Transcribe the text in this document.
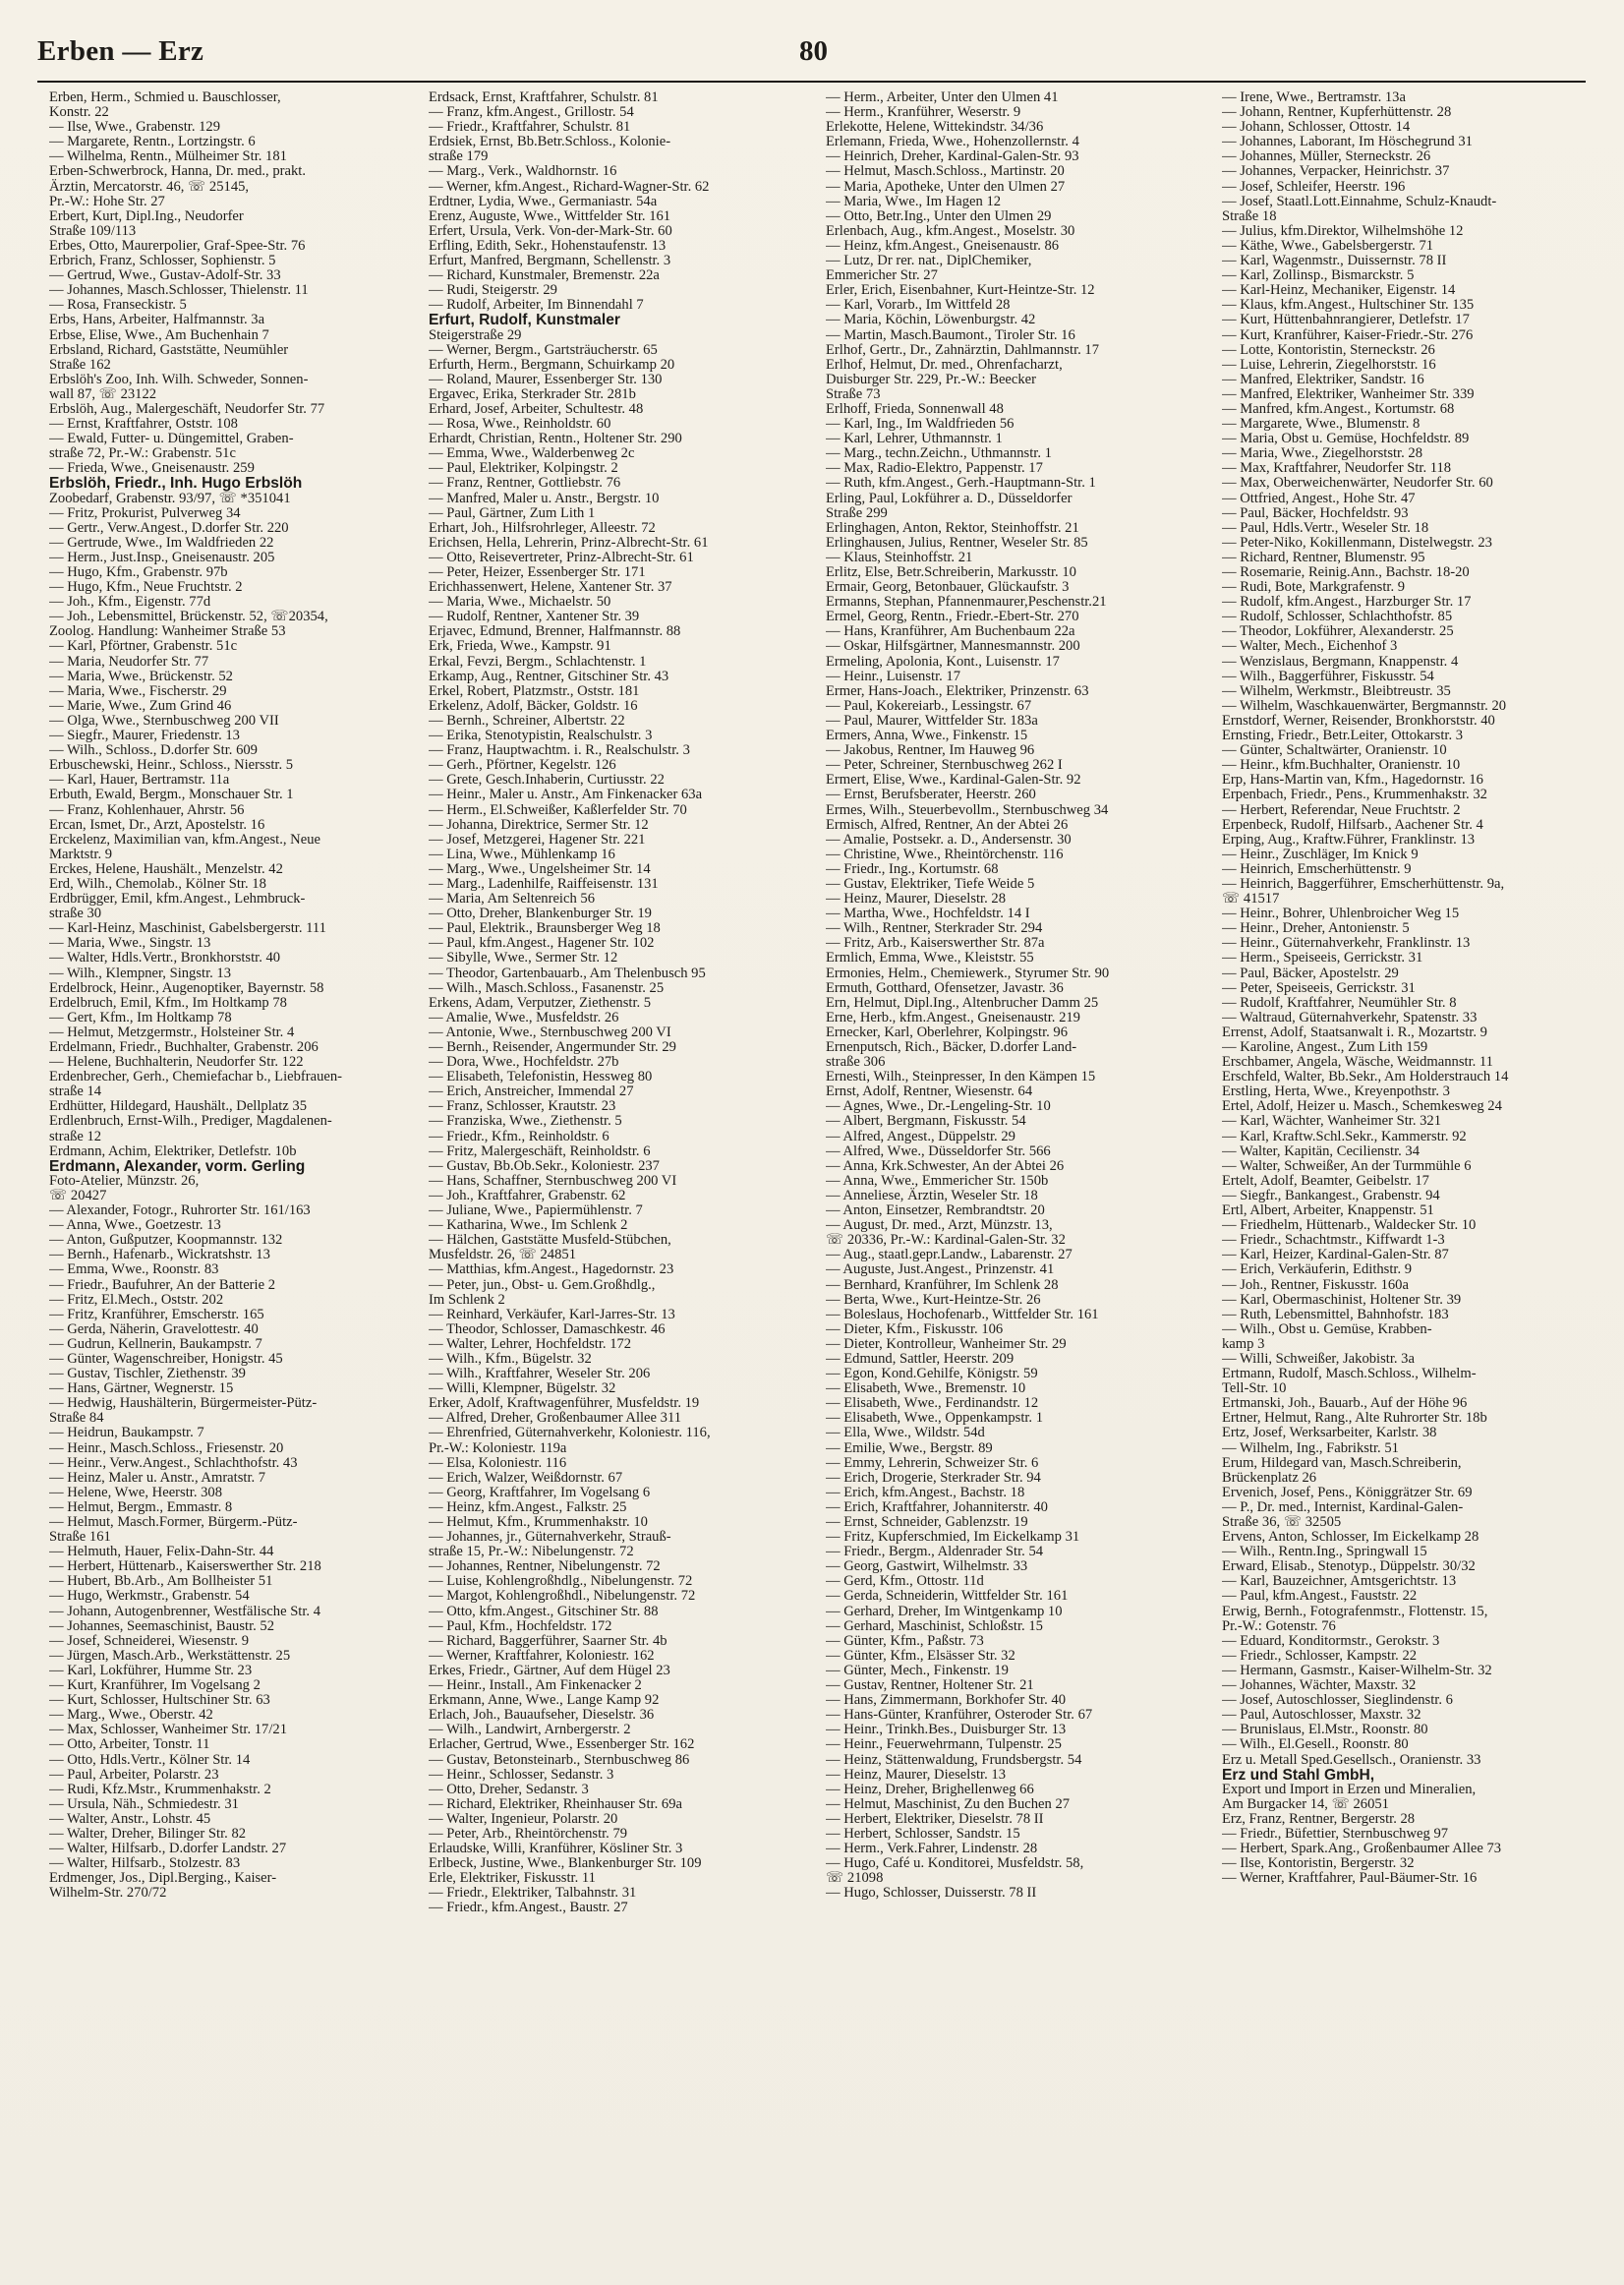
Erben — Erz	80
Erben, Herm., Schmied u. Bauschlosser,
Konstr. 22
— Ilse, Wwe., Grabenstr. 129
— Margarete, Rentn., Lortzingstr. 6
— Wilhelma, Rentn., Mülheimer Str. 181
Erben-Schwerbrock, Hanna, Dr. med., prakt.
Ärztin, Mercatorstr. 46, ☏ 25145,
Pr.-W.: Hohe Str. 27
Erbert, Kurt, Dipl.Ing., Neudorfer
Straße 109/113
Erbes, Otto, Maurerpolier, Graf-Spee-Str. 76
Erbrich, Franz, Schlosser, Sophienstr. 5
— Gertrud, Wwe., Gustav-Adolf-Str. 33
— Johannes, Masch.Schlosser, Thielenstr. 11
— Rosa, Franseckistr. 5
Erbs, Hans, Arbeiter, Halfmannstr. 3a
Erbse, Elise, Wwe., Am Buchenhain 7
Erbsland, Richard, Gaststätte, Neumühler
Straße 162
Erbslöh's Zoo, Inh. Wilh. Schweder, Sonnen-
wall 87, ☏ 23122
Erbslöh, Aug., Malergeschäft, Neudorfer Str. 77
— Ernst, Kraftfahrer, Oststr. 108
— Ewald, Futter- u. Düngemittel, Graben-
straße 72, Pr.-W.: Grabenstr. 51c
— Frieda, Wwe., Gneisenaustr. 259
Erbslöh, Friedr., Inh. Hugo Erbslöh
Zoobedarf, Grabenstr. 93/97, ☏ *351041
— Fritz, Prokurist, Pulverweg 34
— Gertr., Verw.Angest., D.dorfer Str. 220
— Gertrude, Wwe., Im Waldfrieden 22
— Herm., Just.Insp., Gneisenaustr. 205
— Hugo, Kfm., Grabenstr. 97b
— Hugo, Kfm., Neue Fruchtstr. 2
— Joh., Kfm., Eigenstr. 77d
— Joh., Lebensmittel, Brückenstr. 52, ☏20354,
Zoolog. Handlung: Wanheimer Straße 53
— Karl, Pförtner, Grabenstr. 51c
— Maria, Neudorfer Str. 77
— Maria, Wwe., Brückenstr. 52
— Maria, Wwe., Fischerstr. 29
— Marie, Wwe., Zum Grind 46
— Olga, Wwe., Sternbuschweg 200 VII
— Siegfr., Maurer, Friedenstr. 13
— Wilh., Schloss., D.dorfer Str. 609
Erbuschewski, Heinr., Schloss., Niersstr. 5
— Karl, Hauer, Bertramstr. 11a
Erbuth, Ewald, Bergm., Monschauer Str. 1
— Franz, Kohlenhauer, Ahrstr. 56
Ercan, Ismet, Dr., Arzt, Apostelstr. 16
Erckelenz, Maximilian van, kfm.Angest., Neue
Marktstr. 9
Erckes, Helene, Haushält., Menzelstr. 42
Erd, Wilh., Chemolab., Kölner Str. 18
Erdbrügger, Emil, kfm.Angest., Lehmbruck-
straße 30
— Karl-Heinz, Maschinist, Gabelsbergerstr. 111
— Maria, Wwe., Singstr. 13
— Walter, Hdls.Vertr., Bronkhorststr. 40
— Wilh., Klempner, Singstr. 13
Erdelbrock, Heinr., Augenoptiker, Bayernstr. 58
Erdelbruch, Emil, Kfm., Im Holtkamp 78
— Gert, Kfm., Im Holtkamp 78
— Helmut, Metzgermstr., Holsteiner Str. 4
Erdelmann, Friedr., Buchhalter, Grabenstr. 206
— Helene, Buchhalterin, Neudorfer Str. 122
Erdenbrecher, Gerh., Chemiefachar b., Liebfrauen-
straße 14
Erdhütter, Hildegard, Haushält., Dellplatz 35
Erdlenbruch, Ernst-Wilh., Prediger, Magdalenen-
straße 12
Erdmann, Achim, Elektriker, Detlefstr. 10b
Erdmann, Alexander, vorm. Gerling
Foto-Atelier, Münzstr. 26,
☏ 20427
— Alexander, Fotogr., Ruhrorter Str. 161/163
— Anna, Wwe., Goetzestr. 13
— Anton, Gußputzer, Koopmannstr. 132
— Bernh., Hafenarb., Wickratshstr. 13
— Emma, Wwe., Roonstr. 83
— Friedr., Baufuhrer, An der Batterie 2
— Fritz, El.Mech., Oststr. 202
— Fritz, Kranführer, Emscherstr. 165
— Gerda, Näherin, Gravelottestr. 40
— Gudrun, Kellnerin, Baukampstr. 7
— Günter, Wagenschreiber, Honigstr. 45
— Gustav, Tischler, Ziethenstr. 39
— Hans, Gärtner, Wegnerstr. 15
— Hedwig, Haushälterin, Bürgermeister-Pütz-
Straße 84
— Heidrun, Baukampstr. 7
— Heinr., Masch.Schloss., Friesenstr. 20
— Heinr., Verw.Angest., Schlachthofstr. 43
— Heinz, Maler u. Anstr., Amratstr. 7
— Helene, Wwe, Heerstr. 308
— Helmut, Bergm., Emmastr. 8
— Helmut, Masch.Former, Bürgerm.-Pütz-
Straße 161
— Helmuth, Hauer, Felix-Dahn-Str. 44
— Herbert, Hüttenarb., Kaiserswerther Str. 218
— Hubert, Bb.Arb., Am Bollheister 51
— Hugo, Werkmstr., Grabenstr. 54
— Johann, Autogenbrenner, Westfälische Str. 4
— Johannes, Seemaschinist, Baustr. 52
— Josef, Schneiderei, Wiesenstr. 9
— Jürgen, Masch.Arb., Werkstättenstr. 25
— Karl, Lokführer, Humme Str. 23
— Kurt, Kranführer, Im Vogelsang 2
— Kurt, Schlosser, Hultschiner Str. 63
— Marg., Wwe., Oberstr. 42
— Max, Schlosser, Wanheimer Str. 17/21
— Otto, Arbeiter, Tonstr. 11
— Otto, Hdls.Vertr., Kölner Str. 14
— Paul, Arbeiter, Polarstr. 23
— Rudi, Kfz.Mstr., Krummenhakstr. 2
— Ursula, Näh., Schmiedestr. 31
— Walter, Anstr., Lohstr. 45
— Walter, Dreher, Bilinger Str. 82
— Walter, Hilfsarb., D.dorfer Landstr. 27
— Walter, Hilfsarb., Stolzestr. 83
Erdmenger, Jos., Dipl.Berging., Kaiser-
Wilhelm-Str. 270/72
Erdsack, Ernst, Kraftfahrer, Schulstr. 81
— Franz, kfm.Angest., Grillostr. 54
— Friedr., Kraftfahrer, Schulstr. 81
Erdsiek, Ernst, Bb.Betr.Schloss., Kolonie-
straße 179
— Marg., Verk., Waldhornstr. 16
— Werner, kfm.Angest., Richard-Wagner-Str. 62
Erdtner, Lydia, Wwe., Germaniastr. 54a
Erenz, Auguste, Wwe., Wittfelder Str. 161
Erfert, Ursula, Verk. Von-der-Mark-Str. 60
Erfling, Edith, Sekr., Hohenstaufenstr. 13
Erfurt, Manfred, Bergmann, Schellenstr. 3
— Richard, Kunstmaler, Bremenstr. 22a
— Rudi, Steigerstr. 29
— Rudolf, Arbeiter, Im Binnendahl 7
Erfurt, Rudolf, Kunstmaler
Steigerstraße 29
— Werner, Bergm., Gartsträucherstr. 65
Erfurth, Herm., Bergmann, Schuirkamp 20
— Roland, Maurer, Essenberger Str. 130
Ergavec, Erika, Sterkrader Str. 281b
Erhard, Josef, Arbeiter, Schultestr. 48
— Rosa, Wwe., Reinholdstr. 60
Erhardt, Christian, Rentn., Holtener Str. 290
— Emma, Wwe., Walderbenweg 2c
— Paul, Elektriker, Kolpingstr. 2
— Franz, Rentner, Gottliebstr. 76
— Manfred, Maler u. Anstr., Bergstr. 10
— Paul, Gärtner, Zum Lith 1
Erhart, Joh., Hilfsrohrleger, Alleestr. 72
Erichsen, Hella, Lehrerin, Prinz-Albrecht-Str. 61
— Otto, Reisevertreter, Prinz-Albrecht-Str. 61
— Peter, Heizer, Essenberger Str. 171
Erichhassenwert, Helene, Xantener Str. 37
— Maria, Wwe., Michaelstr. 50
— Rudolf, Rentner, Xantener Str. 39
Erjavec, Edmund, Brenner, Halfmannstr. 88
Erk, Frieda, Wwe., Kampstr. 91
Erkal, Fevzi, Bergm., Schlachtenstr. 1
Erkamp, Aug., Rentner, Gitschiner Str. 43
Erkel, Robert, Platzmstr., Oststr. 181
Erkelenz, Adolf, Bäcker, Goldstr. 16
— Bernh., Schreiner, Albertstr. 22
— Erika, Stenotypistin, Realschulstr. 3
— Franz, Hauptwachtm. i. R., Realschulstr. 3
— Gerh., Pförtner, Kegelstr. 126
— Grete, Gesch.Inhaberin, Curtiusstr. 22
— Heinr., Maler u. Anstr., Am Finkenacker 63a
— Herm., El.Schweißer, Kaßlerfelder Str. 70
— Johanna, Direktrice, Sermer Str. 12
— Josef, Metzgerei, Hagener Str. 221
— Lina, Wwe., Mühlenkamp 16
— Marg., Wwe., Ungelsheimer Str. 14
— Marg., Ladenhilfe, Raiffeisenstr. 131
— Maria, Am Seltenreich 56
— Otto, Dreher, Blankenburger Str. 19
— Paul, Elektrik., Braunsberger Weg 18
— Paul, kfm.Angest., Hagener Str. 102
— Sibylle, Wwe., Sermer Str. 12
— Theodor, Gartenbauarb., Am Thelenbusch 95
— Wilh., Masch.Schloss., Fasanenstr. 25
Erkens, Adam, Verputzer, Ziethenstr. 5
— Amalie, Wwe., Musfeldstr. 26
— Antonie, Wwe., Sternbuschweg 200 VI
— Bernh., Reisender, Angermunder Str. 29
— Dora, Wwe., Hochfeldstr. 27b
— Elisabeth, Telefonistin, Hessweg 80
— Erich, Anstreicher, Immendal 27
— Franz, Schlosser, Krautstr. 23
— Franziska, Wwe., Ziethenstr. 5
— Friedr., Kfm., Reinholdstr. 6
— Fritz, Malergeschäft, Reinholdstr. 6
— Gustav, Bb.Ob.Sekr., Koloniestr. 237
— Hans, Schaffner, Sternbuschweg 200 VI
— Joh., Kraftfahrer, Grabenstr. 62
— Juliane, Wwe., Papiermühlenstr. 7
— Katharina, Wwe., Im Schlenk 2
— Hälchen, Gaststätte Musfeld-Stübchen,
Musfeldstr. 26, ☏ 24851
— Matthias, kfm.Angest., Hagedornstr. 23
— Peter, jun., Obst- u. Gem.Großhdlg.,
Im Schlenk 2
— Reinhard, Verkäufer, Karl-Jarres-Str. 13
— Theodor, Schlosser, Damaschkestr. 46
— Walter, Lehrer, Hochfeldstr. 172
— Wilh., Kfm., Bügelstr. 32
— Wilh., Kraftfahrer, Weseler Str. 206
— Willi, Klempner, Bügelstr. 32
Erker, Adolf, Kraftwagenführer, Musfeldstr. 19
— Alfred, Dreher, Großenbaumer Allee 311
— Ehrenfried, Güternahverkehr, Koloniestr. 116,
Pr.-W.: Koloniestr. 119a
— Elsa, Koloniestr. 116
— Erich, Walzer, Weißdornstr. 67
— Georg, Kraftfahrer, Im Vogelsang 6
— Heinz, kfm.Angest., Falkstr. 25
— Helmut, Kfm., Krummenhakstr. 10
— Johannes, jr., Güternahverkehr, Strauß-
straße 15, Pr.-W.: Nibelungenstr. 72
— Johannes, Rentner, Nibelungenstr. 72
— Luise, Kohlengroßhdlg., Nibelungenstr. 72
— Margot, Kohlengroßhdl., Nibelungenstr. 72
— Otto, kfm.Angest., Gitschiner Str. 88
— Paul, Kfm., Hochfeldstr. 172
— Richard, Baggerführer, Saarner Str. 4b
— Werner, Kraftfahrer, Koloniestr. 162
Erkes, Friedr., Gärtner, Auf dem Hügel 23
— Heinr., Install., Am Finkenacker 2
Erkmann, Anne, Wwe., Lange Kamp 92
Erlach, Joh., Bauaufseher, Dieselstr. 36
— Wilh., Landwirt, Arnbergerstr. 2
Erlacher, Gertrud, Wwe., Essenberger Str. 162
— Gustav, Betonsteinarb., Sternbuschweg 86
— Heinr., Schlosser, Sedanstr. 3
— Otto, Dreher, Sedanstr. 3
— Richard, Elektriker, Rheinhauser Str. 69a
— Walter, Ingenieur, Polarstr. 20
— Peter, Arb., Rheintörchenstr. 79
Erlaudske, Willi, Kranführer, Kösliner Str. 3
Erlbeck, Justine, Wwe., Blankenburger Str. 109
Erle, Elektriker, Fiskusstr. 11
— Friedr., Elektriker, Talbahnstr. 31
— Friedr., kfm.Angest., Baustr. 27
— Herm., Arbeiter, Unter den Ulmen 41
— Herm., Kranführer, Weserstr. 9
Erlekotte, Helene, Wittekindstr. 34/36
Erlemann, Frieda, Wwe., Hohenzollernstr. 4
— Heinrich, Dreher, Kardinal-Galen-Str. 93
— Helmut, Masch.Schloss., Martinstr. 20
— Maria, Apotheke, Unter den Ulmen 27
— Maria, Wwe., Im Hagen 12
— Otto, Betr.Ing., Unter den Ulmen 29
Erlenbach, Aug., kfm.Angest., Moselstr. 30
— Heinz, kfm.Angest., Gneisenaustr. 86
— Lutz, Dr rer. nat., DiplChemiker,
Emmericher Str. 27
Erler, Erich, Eisenbahner, Kurt-Heintze-Str. 12
— Karl, Vorarb., Im Wittfeld 28
— Maria, Köchin, Löwenburgstr. 42
— Martin, Masch.Baumont., Tiroler Str. 16
Erlhof, Gertr., Dr., Zahnärztin, Dahlmannstr. 17
Erlhof, Helmut, Dr. med., Ohrenfacharzt,
Duisburger Str. 229, Pr.-W.: Beecker
Straße 73
Erlhoff, Frieda, Sonnenwall 48
— Karl, Ing., Im Waldfrieden 56
— Karl, Lehrer, Uthmannstr. 1
— Marg., techn.Zeichn., Uthmannstr. 1
— Max, Radio-Elektro, Pappenstr. 17
— Ruth, kfm.Angest., Gerh.-Hauptmann-Str. 1
Erling, Paul, Lokführer a. D., Düsseldorfer
Straße 299
Erlinghagen, Anton, Rektor, Steinhoffstr. 21
Erlinghausen, Julius, Rentner, Weseler Str. 85
— Klaus, Steinhoffstr. 21
Erlitz, Else, Betr.Schreiberin, Markusstr. 10
Ermair, Georg, Betonbauer, Glückaufstr. 3
Ermanns, Stephan, Pfannenmaurer,Peschenstr.21
Ermel, Georg, Rentn., Friedr.-Ebert-Str. 270
— Hans, Kranführer, Am Buchenbaum 22a
— Oskar, Hilfsgärtner, Mannesmannstr. 200
Ermeling, Apolonia, Kont., Luisenstr. 17
— Heinr., Luisenstr. 17
Ermer, Hans-Joach., Elektriker, Prinzenstr. 63
— Paul, Kokereiarb., Lessingstr. 67
— Paul, Maurer, Wittfelder Str. 183a
Ermers, Anna, Wwe., Finkenstr. 15
— Jakobus, Rentner, Im Hauweg 96
— Peter, Schreiner, Sternbuschweg 262 I
Ermert, Elise, Wwe., Kardinal-Galen-Str. 92
— Ernst, Berufsberater, Heerstr. 260
Ermes, Wilh., Steuerbevollm., Sternbuschweg 34
Ermisch, Alfred, Rentner, An der Abtei 26
— Amalie, Postsekr. a. D., Andersenstr. 30
— Christine, Wwe., Rheintörchenstr. 116
— Friedr., Ing., Kortumstr. 68
— Gustav, Elektriker, Tiefe Weide 5
— Heinz, Maurer, Dieselstr. 28
— Martha, Wwe., Hochfeldstr. 14 I
— Wilh., Rentner, Sterkrader Str. 294
— Fritz, Arb., Kaiserswerther Str. 87a
Ermlich, Emma, Wwe., Kleiststr. 55
Ermonies, Helm., Chemiewerk., Styrumer Str. 90
Ermuth, Gotthard, Ofensetzer, Javastr. 36
Ern, Helmut, Dipl.Ing., Altenbrucher Damm 25
Erne, Herb., kfm.Angest., Gneisenaustr. 219
Ernecker, Karl, Oberlehrer, Kolpingstr. 96
Ernenputsch, Rich., Bäcker, D.dorfer Land-
straße 306
Ernesti, Wilh., Steinpresser, In den Kämpen 15
Ernst, Adolf, Rentner, Wiesenstr. 64
— Agnes, Wwe., Dr.-Lengeling-Str. 10
— Albert, Bergmann, Fiskusstr. 54
— Alfred, Angest., Düppelstr. 29
— Alfred, Wwe., Düsseldorfer Str. 566
— Anna, Krk.Schwester, An der Abtei 26
— Anna, Wwe., Emmericher Str. 150b
— Anneliese, Ärztin, Weseler Str. 18
— Anton, Einsetzer, Rembrandtstr. 20
— August, Dr. med., Arzt, Münzstr. 13,
☏ 20336, Pr.-W.: Kardinal-Galen-Str. 32
— Aug., staatl.gepr.Landw., Labarenstr. 27
— Auguste, Just.Angest., Prinzenstr. 41
— Bernhard, Kranführer, Im Schlenk 28
— Berta, Wwe., Kurt-Heintze-Str. 26
— Boleslaus, Hochofenarb., Wittfelder Str. 161
— Dieter, Kfm., Fiskusstr. 106
— Dieter, Kontrolleur, Wanheimer Str. 29
— Edmund, Sattler, Heerstr. 209
— Egon, Kond.Gehilfe, Königstr. 59
— Elisabeth, Wwe., Bremenstr. 10
— Elisabeth, Wwe., Ferdinandstr. 12
— Elisabeth, Wwe., Oppenkampstr. 1
— Ella, Wwe., Wildstr. 54d
— Emilie, Wwe., Bergstr. 89
— Emmy, Lehrerin, Schweizer Str. 6
— Erich, Drogerie, Sterkrader Str. 94
— Erich, kfm.Angest., Bachstr. 18
— Erich, Kraftfahrer, Johanniterstr. 40
— Ernst, Schneider, Gablenzstr. 19
— Fritz, Kupferschmied, Im Eickelkamp 31
— Friedr., Bergm., Aldenrader Str. 54
— Georg, Gastwirt, Wilhelmstr. 33
— Gerd, Kfm., Ottostr. 11d
— Gerda, Schneiderin, Wittfelder Str. 161
— Gerhard, Dreher, Im Wintgenkamp 10
— Gerhard, Maschinist, Schloßstr. 15
— Günter, Kfm., Paßstr. 73
— Günter, Kfm., Elsässer Str. 32
— Günter, Mech., Finkenstr. 19
— Gustav, Rentner, Holtener Str. 21
— Hans, Zimmermann, Borkhofer Str. 40
— Hans-Günter, Kranführer, Osteroder Str. 67
— Heinr., Trinkh.Bes., Duisburger Str. 13
— Heinr., Feuerwehrmann, Tulpenstr. 25
— Heinz, Stättenwaldung, Frundsbergstr. 54
— Heinz, Maurer, Dieselstr. 13
— Heinz, Dreher, Brighellenweg 66
— Helmut, Maschinist, Zu den Buchen 27
— Herbert, Elektriker, Dieselstr. 78 II
— Herbert, Schlosser, Sandstr. 15
— Herm., Verk.Fahrer, Lindenstr. 28
— Hugo, Café u. Konditorei, Musfeldstr. 58,
☏ 21098
— Hugo, Schlosser, Duisserstr. 78 II
— Irene, Wwe., Bertramstr. 13a
— Johann, Rentner, Kupferhüttenstr. 28
— Johann, Schlosser, Ottostr. 14
— Johannes, Laborant, Im Höschegrund 31
— Johannes, Müller, Sterneckstr. 26
— Johannes, Verpacker, Heinrichstr. 37
— Josef, Schleifer, Heerstr. 196
— Josef, Staatl.Lott.Einnahme, Schulz-Knaudt-
Straße 18
— Julius, kfm.Direktor, Wilhelmshöhe 12
— Käthe, Wwe., Gabelsbergerstr. 71
— Karl, Wagenmstr., Duissernstr. 78 II
— Karl, Zollinsp., Bismarckstr. 5
— Karl-Heinz, Mechaniker, Eigenstr. 14
— Klaus, kfm.Angest., Hultschiner Str. 135
— Kurt, Hüttenbahnrangierer, Detlefstr. 17
— Kurt, Kranführer, Kaiser-Friedr.-Str. 276
— Lotte, Kontoristin, Sterneckstr. 26
— Luise, Lehrerin, Ziegelhorststr. 16
— Manfred, Elektriker, Sandstr. 16
— Manfred, Elektriker, Wanheimer Str. 339
— Manfred, kfm.Angest., Kortumstr. 68
— Margarete, Wwe., Blumenstr. 8
— Maria, Obst u. Gemüse, Hochfeldstr. 89
— Maria, Wwe., Ziegelhorststr. 28
— Max, Kraftfahrer, Neudorfer Str. 118
— Max, Oberweichenwärter, Neudorfer Str. 60
— Ottfried, Angest., Hohe Str. 47
— Paul, Bäcker, Hochfeldstr. 93
— Paul, Hdls.Vertr., Weseler Str. 18
— Peter-Niko, Kokillenmann, Distelwegstr. 23
— Richard, Rentner, Blumenstr. 95
— Rosemarie, Reinig.Ann., Bachstr. 18-20
— Rudi, Bote, Markgrafenstr. 9
— Rudolf, kfm.Angest., Harzburger Str. 17
— Rudolf, Schlosser, Schlachthofstr. 85
— Theodor, Lokführer, Alexanderstr. 25
— Walter, Mech., Eichenhof 3
— Wenzislaus, Bergmann, Knappenstr. 4
— Wilh., Baggerführer, Fiskusstr. 54
— Wilhelm, Werkmstr., Bleibtreustr. 35
— Wilhelm, Waschkauenwärter, Bergmannstr. 20
Ernstdorf, Werner, Reisender, Bronkhorststr. 40
Ernsting, Friedr., Betr.Leiter, Ottokarstr. 3
— Günter, Schaltwärter, Oranienstr. 10
— Heinr., kfm.Buchhalter, Oranienstr. 10
Erp, Hans-Martin van, Kfm., Hagedornstr. 16
Erpenbach, Friedr., Pens., Krummenhakstr. 32
— Herbert, Referendar, Neue Fruchtstr. 2
Erpenbeck, Rudolf, Hilfsarb., Aachener Str. 4
Erping, Aug., Kraftw.Führer, Franklinstr. 13
— Heinr., Zuschläger, Im Knick 9
— Heinrich, Emscherhüttenstr. 9
— Heinrich, Baggerführer, Emscherhüttenstr. 9a,
☏ 41517
— Heinr., Bohrer, Uhlenbroicher Weg 15
— Heinr., Dreher, Antonienstr. 5
— Heinr., Güternahverkehr, Franklinstr. 13
— Herm., Speiseeis, Gerrickstr. 31
— Paul, Bäcker, Apostelstr. 29
— Peter, Speiseeis, Gerrickstr. 31
— Rudolf, Kraftfahrer, Neumühler Str. 8
— Waltraud, Güternahverkehr, Spatenstr. 33
Errenst, Adolf, Staatsanwalt i. R., Mozartstr. 9
— Karoline, Angest., Zum Lith 159
Erschbamer, Angela, Wäsche, Weidmannstr. 11
Erschfeld, Walter, Bb.Sekr., Am Holderstrauch 14
Erstling, Herta, Wwe., Kreyenpothstr. 3
Ertel, Adolf, Heizer u. Masch., Schemkesweg 24
— Karl, Wächter, Wanheimer Str. 321
— Karl, Kraftw.Schl.Sekr., Kammerstr. 92
— Walter, Kapitän, Cecilienstr. 34
— Walter, Schweißer, An der Turmmühle 6
Ertelt, Adolf, Beamter, Geibelstr. 17
— Siegfr., Bankangest., Grabenstr. 94
Ertl, Albert, Arbeiter, Knappenstr. 51
— Friedhelm, Hüttenarb., Waldecker Str. 10
— Friedr., Schachtmstr., Kiffwardt 1-3
— Karl, Heizer, Kardinal-Galen-Str. 87
— Erich, Verkäuferin, Edithstr. 9
— Joh., Rentner, Fiskusstr. 160a
— Karl, Obermaschinist, Holtener Str. 39
— Ruth, Lebensmittel, Bahnhofstr. 183
— Wilh., Obst u. Gemüse, Krabben-
kamp 3
— Willi, Schweißer, Jakobistr. 3a
Ertmann, Rudolf, Masch.Schloss., Wilhelm-
Tell-Str. 10
Ertmanski, Joh., Bauarb., Auf der Höhe 96
Ertner, Helmut, Rang., Alte Ruhrorter Str. 18b
Ertz, Josef, Werksarbeiter, Karlstr. 38
— Wilhelm, Ing., Fabrikstr. 51
Erum, Hildegard van, Masch.Schreiberin,
Brückenplatz 26
Ervenich, Josef, Pens., Königgrätzer Str. 69
— P., Dr. med., Internist, Kardinal-Galen-
Straße 36, ☏ 32505
Ervens, Anton, Schlosser, Im Eickelkamp 28
— Wilh., Rentn.Ing., Springwall 15
Erward, Elisab., Stenotyp., Düppelstr. 30/32
— Karl, Bauzeichner, Amtsgerichtstr. 13
— Paul, kfm.Angest., Fauststr. 22
Erwig, Bernh., Fotografenmstr., Flottenstr. 15,
Pr.-W.: Gotenstr. 76
— Eduard, Konditormstr., Gerokstr. 3
— Friedr., Schlosser, Kampstr. 22
— Hermann, Gasmstr., Kaiser-Wilhelm-Str. 32
— Johannes, Wächter, Maxstr. 32
— Josef, Autoschlosser, Sieglindenstr. 6
— Paul, Autoschlosser, Maxstr. 32
— Brunislaus, El.Mstr., Roonstr. 80
— Wilh., El.Gesell., Roonstr. 80
Erz u. Metall Sped.Gesellsch., Oranienstr. 33
Erz und Stahl GmbH,
Export und Import in Erzen und Mineralien,
Am Burgacker 14, ☏ 26051
Erz, Franz, Rentner, Bergerstr. 28
— Friedr., Büfettier, Sternbuschweg 97
— Herbert, Spark.Ang., Großenbaumer Allee 73
— Ilse, Kontoristin, Bergerstr. 32
— Werner, Kraftfahrer, Paul-Bäumer-Str. 16
